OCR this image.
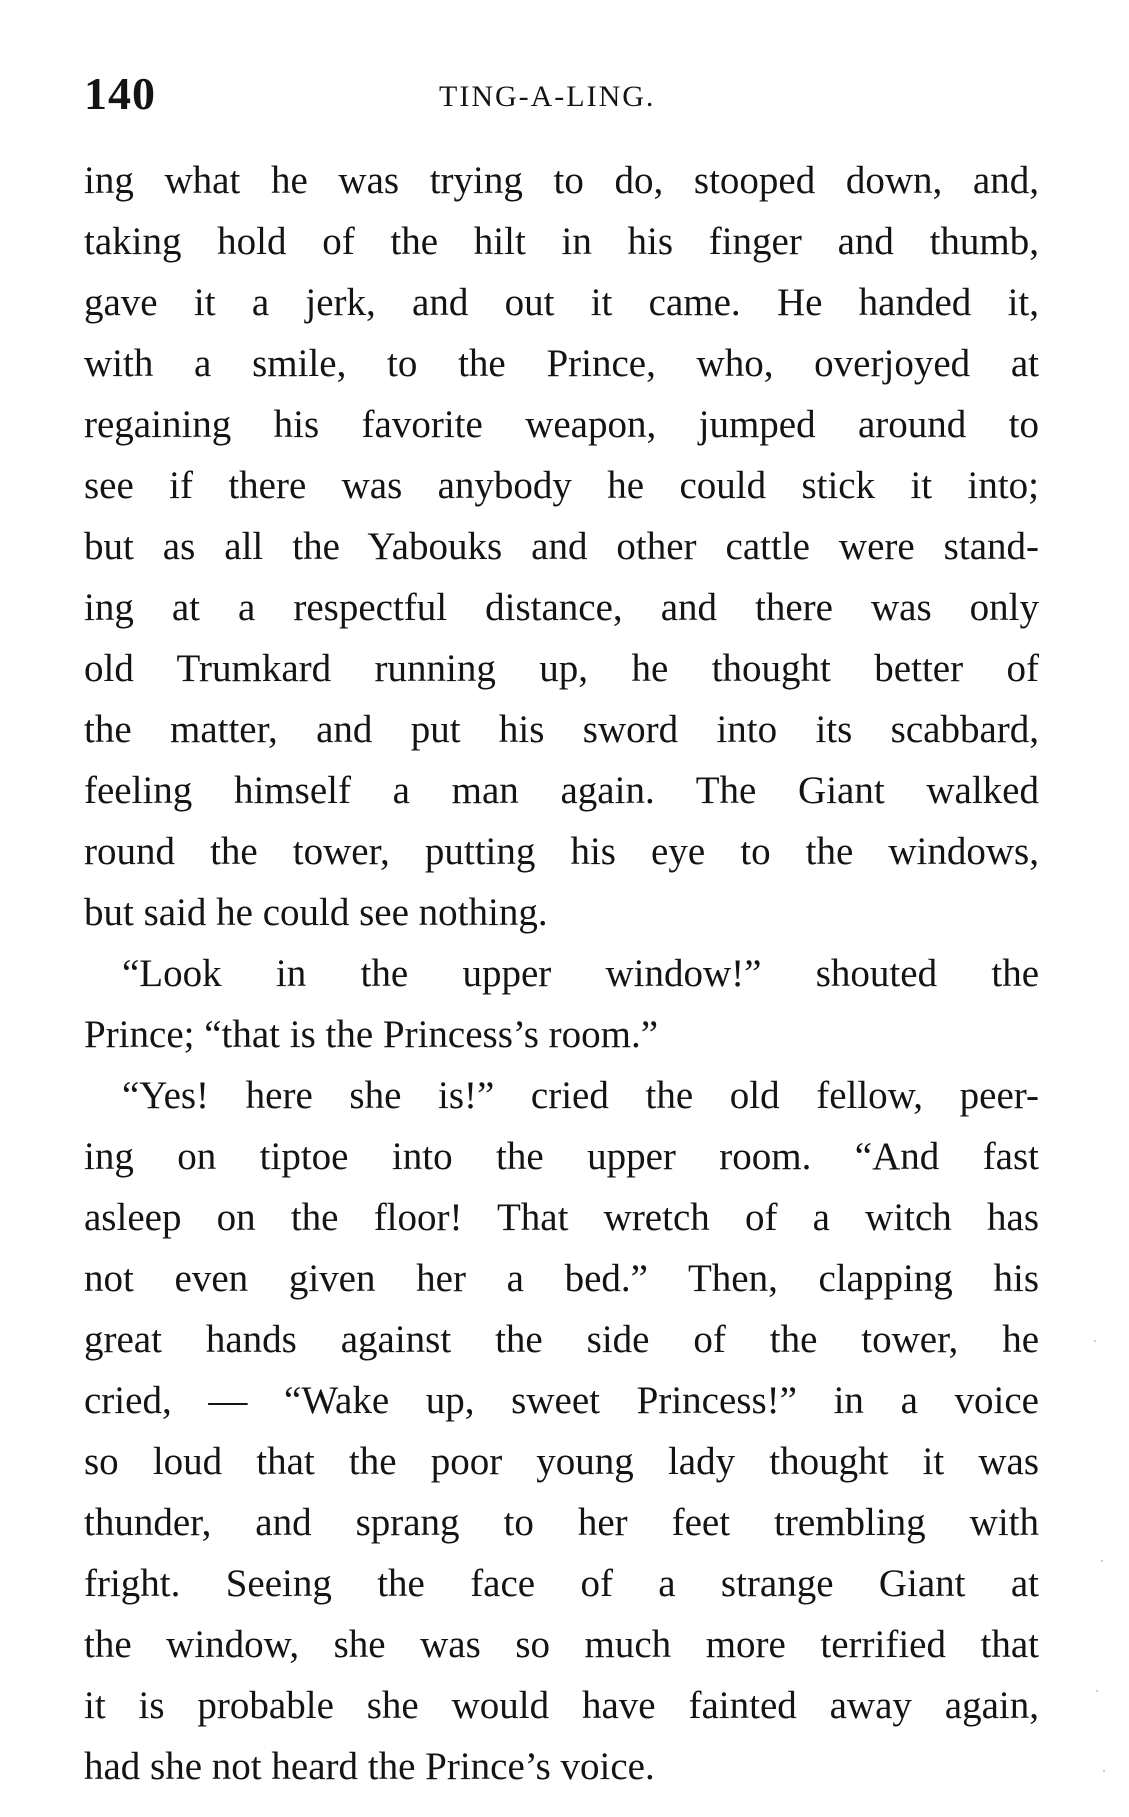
140	TING-A-LING.
ing what he was trying to do, stooped down, and,
taking hold of the hilt in his finger and thumb,
gave it a jerk, and out it came. He handed it,
with a smile, to the Prince, who, overjoyed at
regaining his favorite weapon, jumped around to
see if there was anybody he could stick it into;
but as all the Yabouks and other cattle were stand-
ing at a respectful distance, and there was only
old Trumkard running up, he thought better of
the matter, and put his sword into its scabbard,
feeling himself a man again. The Giant walked
round the tower, putting his eye to the windows,
but said he could see nothing.
“Look in the upper window!” shouted the
Prince; “that is the Princess’s room.”
“Yes! here she is!” cried the old fellow, peer-
ing on tiptoe into the upper room. “And fast
asleep on the floor! That wretch of a witch has
not even given her a bed.” Then, clapping his
great hands against the side of the tower, he
cried, — “Wake up, sweet Princess!” in a voice
so loud that the poor young lady thought it was
thunder, and sprang to her feet trembling with
fright. Seeing the face of a strange Giant at
the window, she was so much more terrified that
it is probable she would have fainted away again,
had she not heard the Prince’s voice.
